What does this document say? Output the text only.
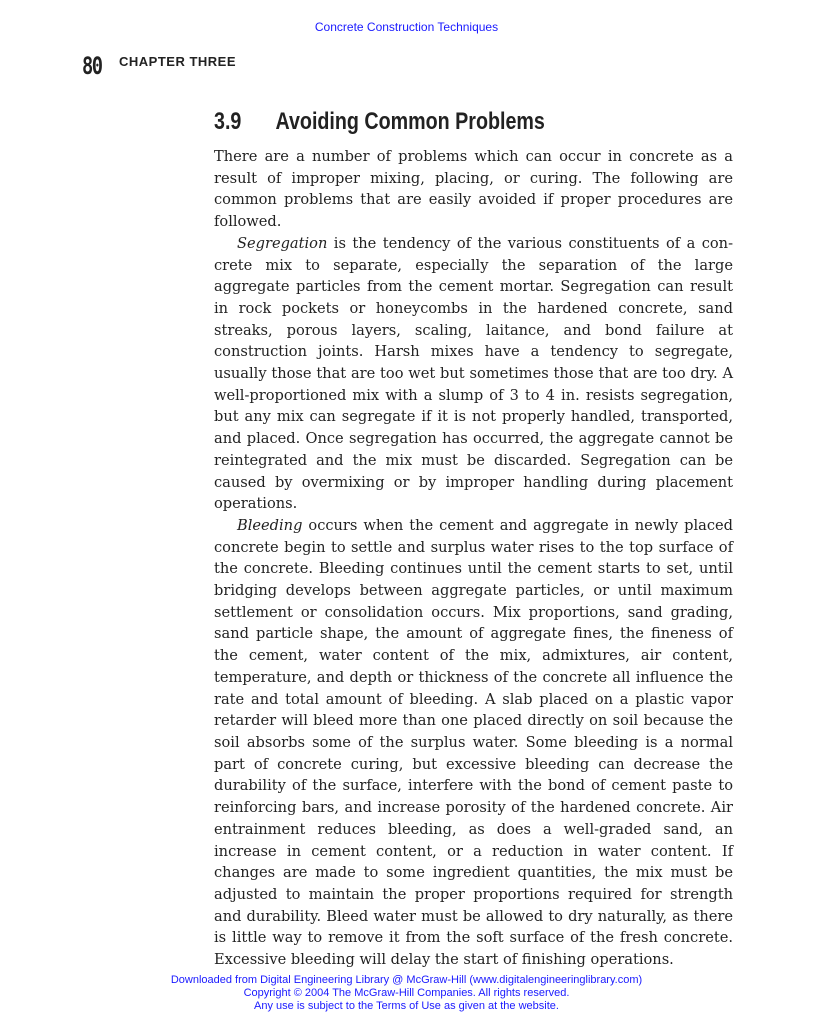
Concrete Construction Techniques
80 CHAPTER THREE
3.9 Avoiding Common Problems

There are a number of problems which can occur in concrete as a result of improper mixing, placing, or curing. The following are common problems that are easily avoided if proper procedures are followed.

Segregation is the tendency of the various constituents of a concrete mix to separate, especially the separation of the large aggregate particles from the cement mortar. Segregation can result in rock pockets or honeycombs in the hardened concrete, sand streaks, porous layers, scaling, laitance, and bond failure at construction joints. Harsh mixes have a tendency to segregate, usually those that are too wet but sometimes those that are too dry. A well-proportioned mix with a slump of 3 to 4 in. resists segregation, but any mix can segregate if it is not properly handled, transported, and placed. Once segregation has occurred, the aggregate cannot be reintegrated and the mix must be discarded. Segregation can be caused by overmixing or by improper handling during placement operations.

Bleeding occurs when the cement and aggregate in newly placed concrete begin to settle and surplus water rises to the top surface of the concrete. Bleeding continues until the cement starts to set, until bridging develops between aggregate particles, or until maximum settlement or consolidation occurs. Mix proportions, sand grading, sand particle shape, the amount of aggregate fines, the fineness of the cement, water content of the mix, admixtures, air content, temperature, and depth or thickness of the concrete all influence the rate and total amount of bleeding. A slab placed on a plastic vapor retarder will bleed more than one placed directly on soil because the soil absorbs some of the surplus water. Some bleeding is a normal part of concrete curing, but excessive bleeding can decrease the durability of the surface, interfere with the bond of cement paste to reinforcing bars, and increase porosity of the hardened concrete. Air entrainment reduces bleeding, as does a well-graded sand, an increase in cement content, or a reduction in water content. If changes are made to some ingredient quantities, the mix must be adjusted to maintain the proper proportions required for strength and durability. Bleed water must be allowed to dry naturally, as there is little way to remove it from the soft surface of the fresh concrete. Excessive bleeding will delay the start of finishing operations.

Downloaded from Digital Engineering Library @ McGraw-Hill (www.digitalengineeringlibrary.com)
Copyright © 2004 The McGraw-Hill Companies. All rights reserved.
Any use is subject to the Terms of Use as given at the website.
